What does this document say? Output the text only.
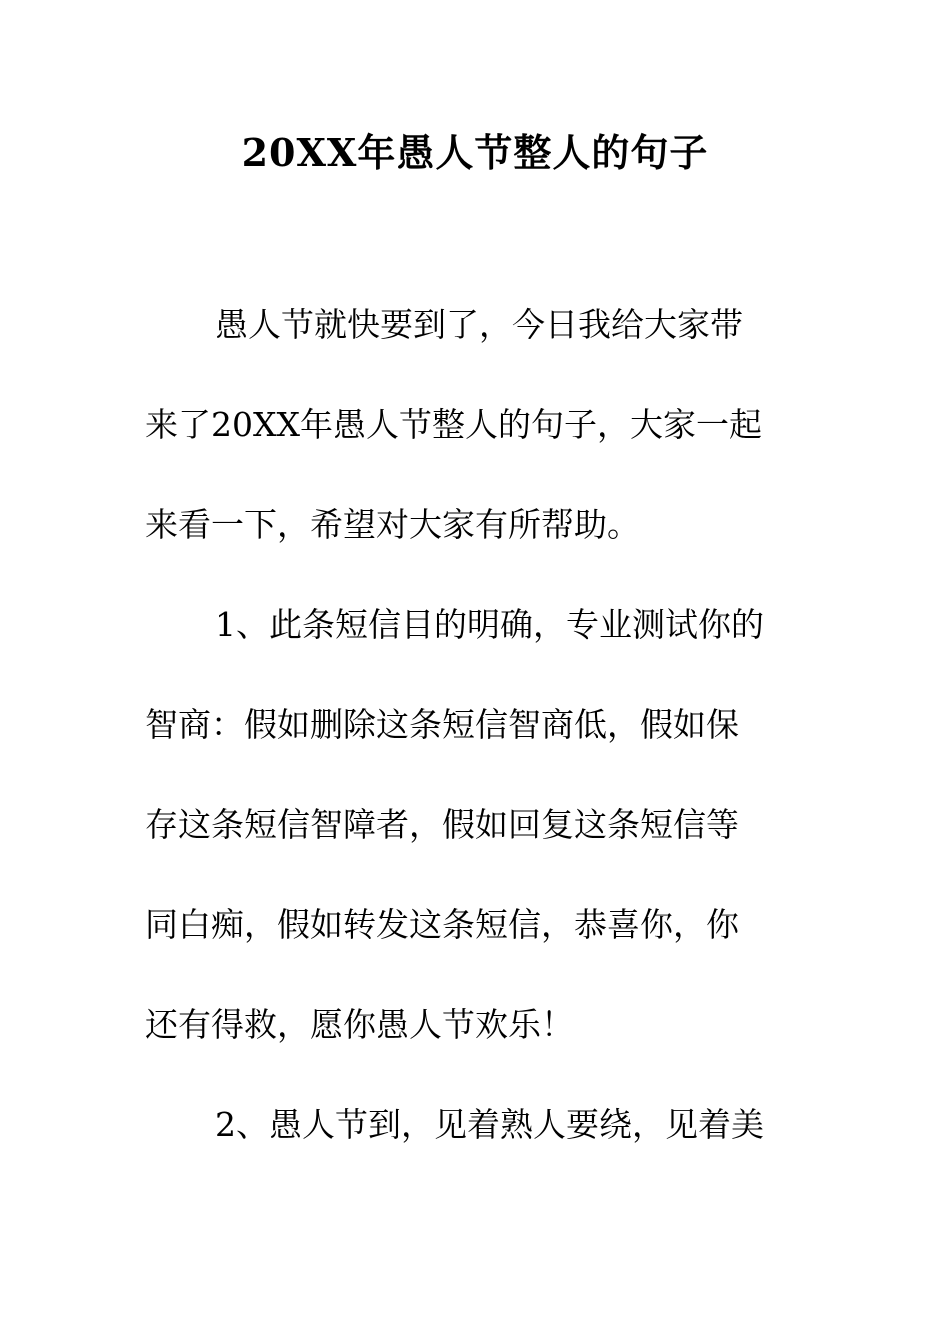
20XX年愚人节整人的句子
愚人节就快要到了，今日我给大家带
来了20XX年愚人节整人的句子，大家一起
来看一下，希望对大家有所帮助。
1、此条短信目的明确，专业测试你的
智商：假如删除这条短信智商低，假如保
存这条短信智障者，假如回复这条短信等
同白痴，假如转发这条短信，恭喜你，你
还有得救，愿你愚人节欢乐！
2、愚人节到，见着熟人要绕，见着美
